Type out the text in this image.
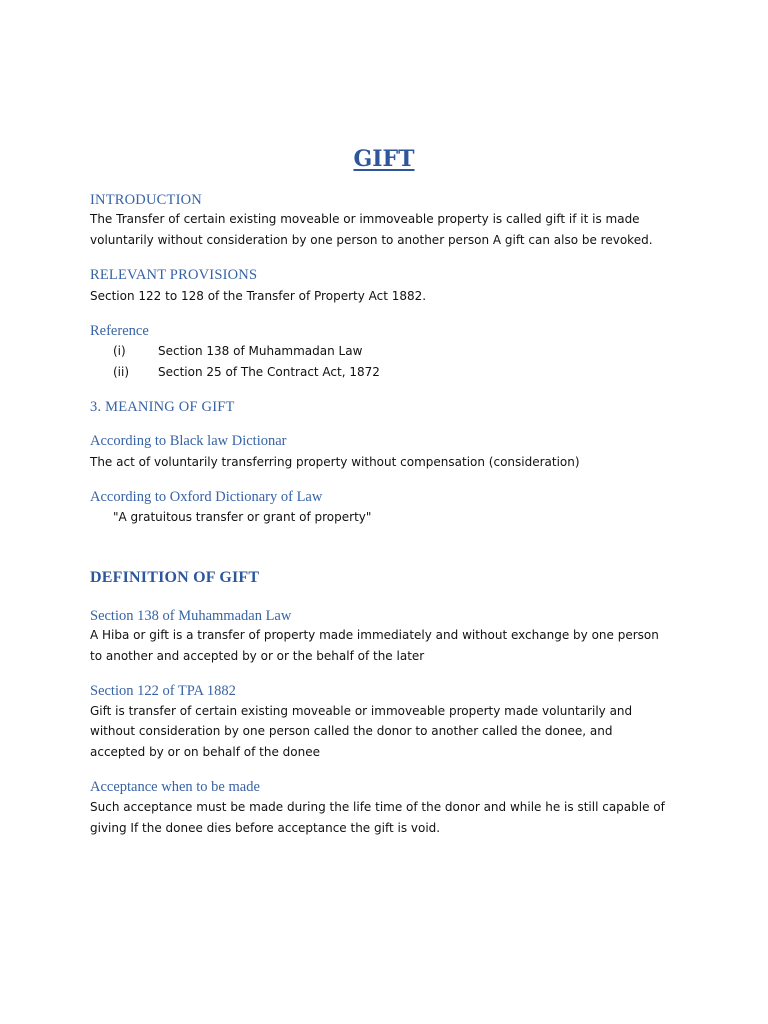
GIFT
INTRODUCTION
The Transfer of certain existing moveable or immoveable property is called gift if it is made
voluntarily without consideration by one person to another person A gift can also be revoked.
RELEVANT PROVISIONS
Section 122 to 128 of the Transfer of Property Act 1882.
Reference
(i)	Section 138 of Muhammadan Law
(ii) Section 25 of The Contract Act, 1872
3. MEANING OF GIFT
According to Black law Dictionar
The act of voluntarily transferring property without compensation (consideration)
According to Oxford Dictionary of Law
"A gratuitous transfer or grant of property"
DEFINITION OF GIFT
Section 138 of Muhammadan Law
A Hiba or gift is a transfer of property made immediately and without exchange by one person
to another and accepted by or or the behalf of the later
Section 122 of TPA 1882
Gift is transfer of certain existing moveable or immoveable property made voluntarily and
without consideration by one person called the donor to another called the donee, and
accepted by or on behalf of the donee
Acceptance when to be made
Such acceptance must be made during the life time of the donor and while he is still capable of
giving If the donee dies before acceptance the gift is void.
